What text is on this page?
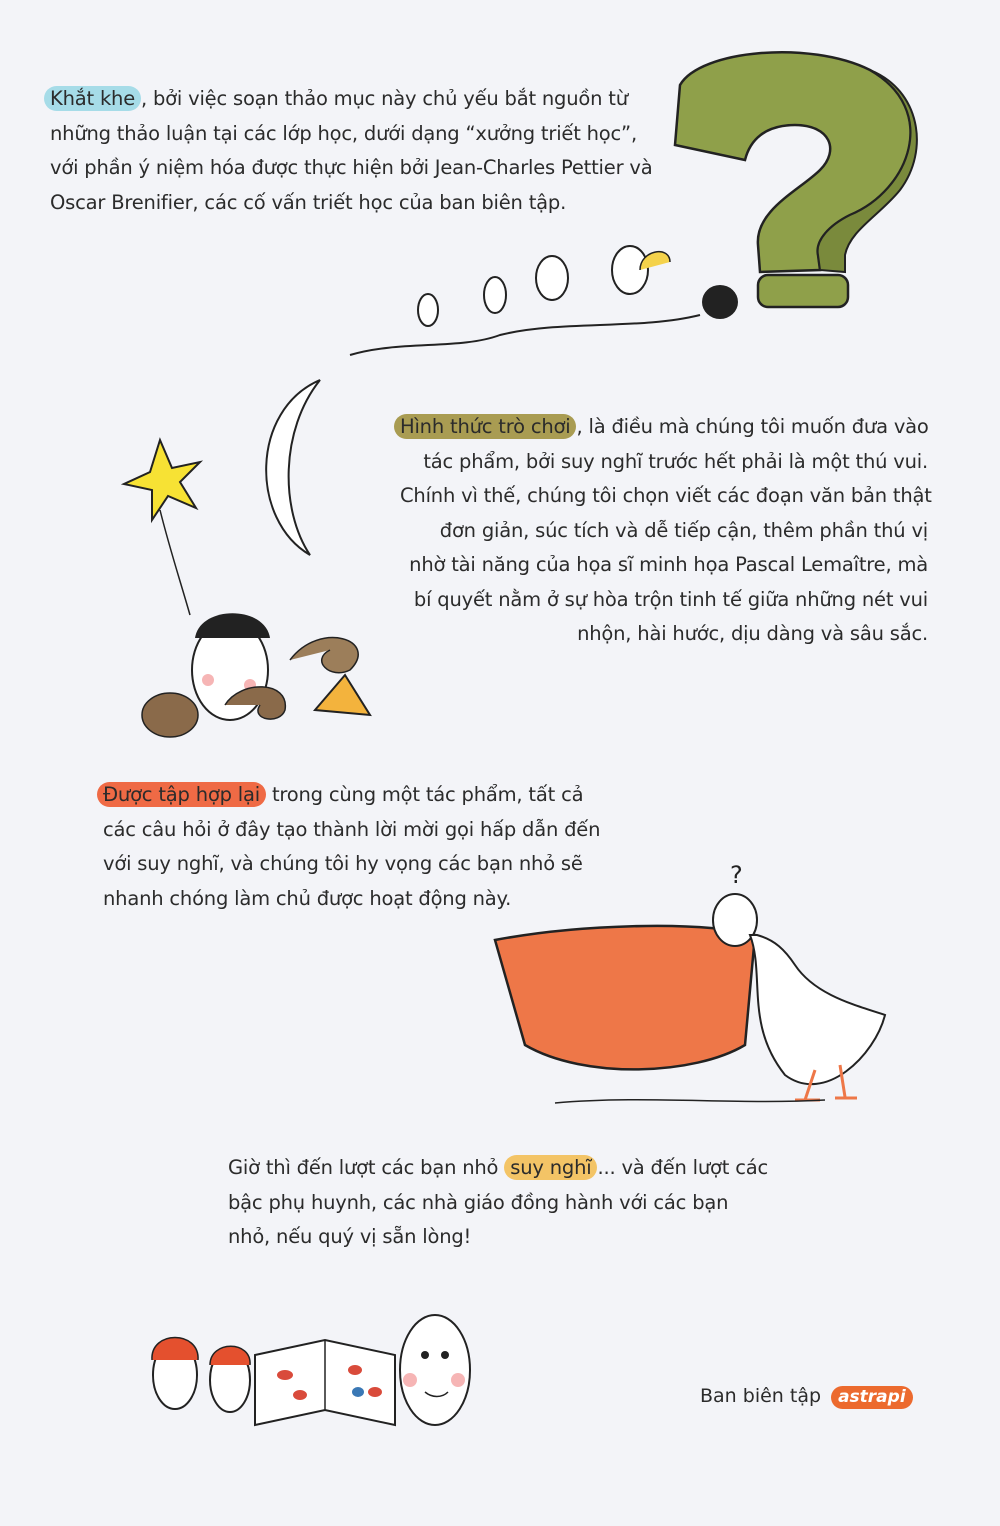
Khắt khe , bởi việc soạn thảo mục này chủ yếu bắt nguồn từ
những thảo luận tại các lớp học, dưới dạng “xưởng triết học”,
với phần ý niệm hóa được thực hiện bởi Jean-Charles Pettier và
Oscar Brenifier, các cố vấn triết học của ban biên tập.
Hình thức trò chơi , là điều mà chúng tôi muốn đưa vào
tác phẩm, bởi suy nghĩ trước hết phải là một thú vui.
Chính vì thế, chúng tôi chọn viết các đoạn văn bản thật
đơn giản, súc tích và dễ tiếp cận, thêm phần thú vị
nhờ tài năng của họa sĩ minh họa Pascal Lemaître, mà
bí quyết nằm ở sự hòa trộn tinh tế giữa những nét vui
nhộn, hài hước, dịu dàng và sâu sắc.
Được tập hợp lại trong cùng một tác phẩm, tất cả
các câu hỏi ở đây tạo thành lời mời gọi hấp dẫn đến
với suy nghĩ, và chúng tôi hy vọng các bạn nhỏ sẽ
nhanh chóng làm chủ được hoạt động này.
?
Giờ thì đến lượt các bạn nhỏ suy nghĩ ... và đến lượt các
bậc phụ huynh, các nhà giáo đồng hành với các bạn
nhỏ, nếu quý vị sẵn lòng!
Ban biên tập astrapi
